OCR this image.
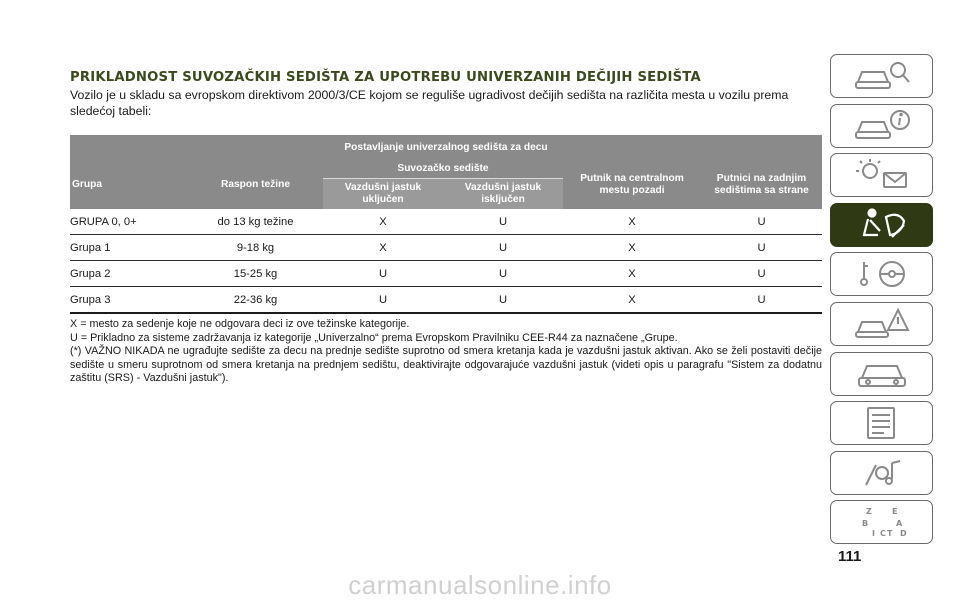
PRIKLADNOST SUVOZAČKIH SEDIŠTA ZA UPOTREBU UNIVERZANIH DEČIJIH SEDIŠTA

Vozilo je u skladu sa evropskom direktivom 2000/3/CE kojom se reguliše ugradivost dečijih sedišta na različita mesta u vozilu prema sledećoj tabeli:

Postavljanje univerzalnog sedišta za decu					
Grupa	Raspon težine	Suvozačko sedište		Putnik na centralnom mestu pozadi	Putnici na zadnjim sedištima sa strane
		Vazdušni jastuk uključen	Vazdušni jastuk isključen		
GRUPA 0, 0+	do 13 kg težine	X	U	X	U
Grupa 1	9-18 kg	X	U	X	U
Grupa 2	15-25 kg	U	U	X	U
Grupa 3	22-36 kg	U	U	X	U

X = mesto za sedenje koje ne odgovara deci iz ove težinske kategorije.

U = Prikladno za sisteme zadržavanja iz kategorije „Univerzalno“ prema Evropskom Pravilniku CEE-R44 za naznačene „Grupe.

(*) VAŽNO NIKADA ne ugrađujte sedište za decu na prednje sedište suprotno od smera kretanja kada je vazdušni jastuk aktivan. Ako se želi postaviti dečije sedište u smeru suprotnom od smera kretanja na prednjem sedištu, deaktivirajte odgovarajuće vazdušni jastuk (videti opis u paragrafu "Sistem za dodatnu zaštitu (SRS) - Vazdušni jastuk").

Z	E
B	A
I C T D
111
carmanualsonline.info
